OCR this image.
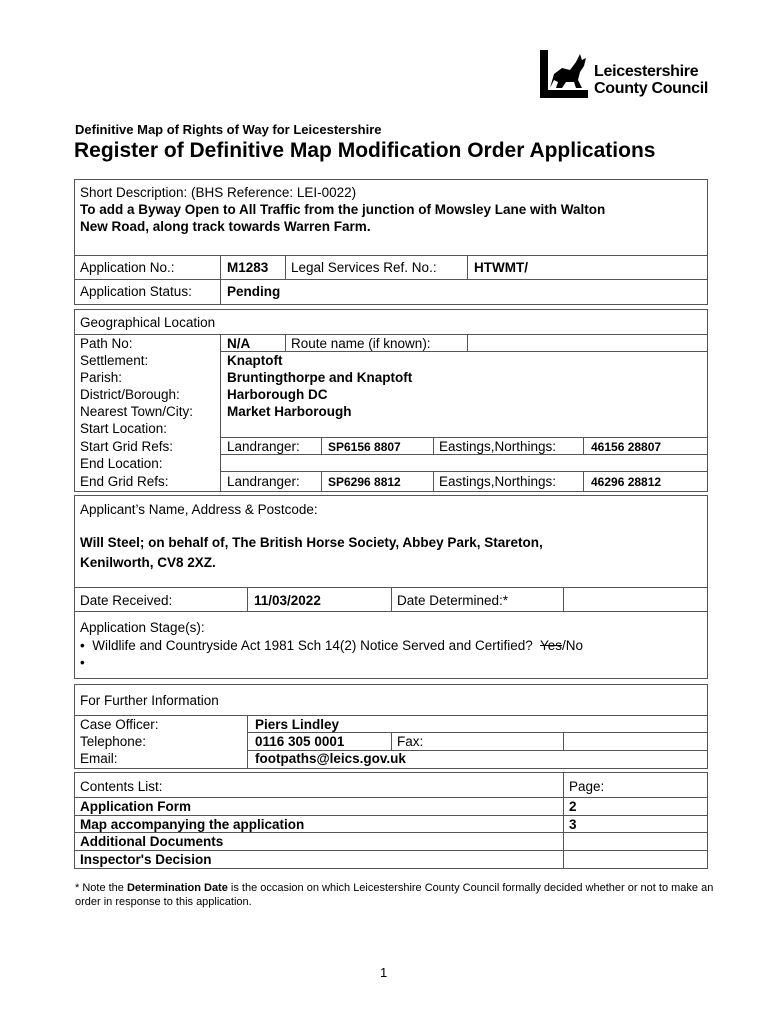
Leicestershire
County Council
Definitive Map of Rights of Way for Leicestershire
Register of Definitive Map Modification Order Applications
Short Description: (BHS Reference: LEI-0022)
To add a Byway Open to All Traffic from the junction of Mowsley Lane with Walton
New Road, along track towards Warren Farm.
Application No.:	M1283 Legal Services Ref. No.:	HTWMT/
Application Status:	Pending
Geographical Location
Path No:	N/A	Route name (if known):
Settlement:	Knaptoft
Parish:	Bruntingthorpe and Knaptoft
District/Borough:	Harborough DC
Nearest Town/City:	Market Harborough
Start Location:
Start Grid Refs:	Landranger: SP6156 8807	Eastings,Northings:	46156 28807
End Location:
End Grid Refs:	Landranger: SP6296 8812	Eastings,Northings:	46296 28812
Applicant’s Name, Address & Postcode:
Will Steel; on behalf of, The British Horse Society, Abbey Park, Stareton,
Kenilworth, CV8 2XZ.
Date Received:	11/03/2022	Date Determined:*
Application Stage(s):
• Wildlife and Countryside Act 1981 Sch 14(2) Notice Served and Certified? Yes/No
•
For Further Information
Case Officer:	Piers Lindley
Telephone:	0116 305 0001	Fax:
Email:	footpaths@leics.gov.uk
Contents List:	Page:
Application Form	2
Map accompanying the application	3
Additional Documents
Inspector's Decision
* Note the Determination Date is the occasion on which Leicestershire County Council formally decided whether or not to make an order in response to this application.
1
